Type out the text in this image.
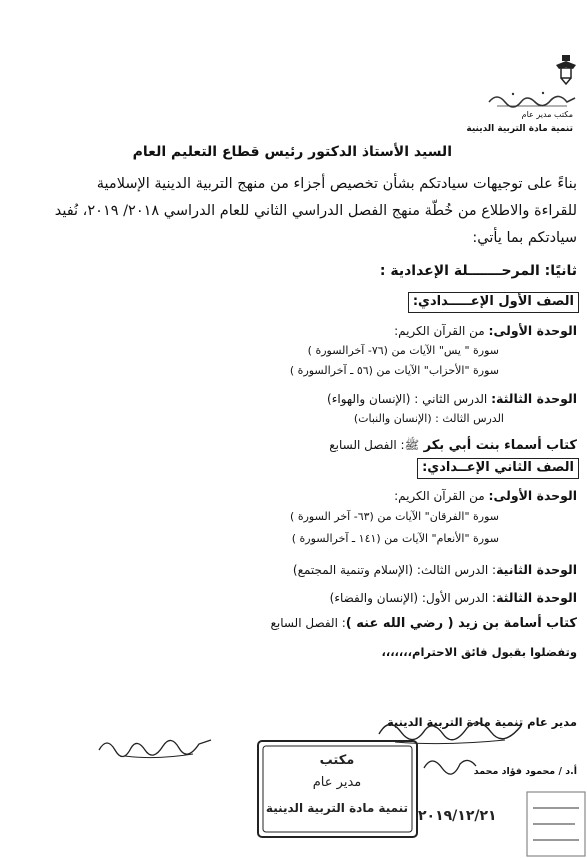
مكتب مدير عام
تنمية مادة التربية الدينية
السيد الأستاذ الدكتور رئيس قطاع التعليم العام
بناءً على توجيهات سيادتكم بشأن تخصيص أجزاء من منهج التربية الدينية الإسلامية
للقراءة والاطلاع من خُطّة منهج الفصل الدراسي الثاني للعام الدراسي ٢٠١٨/ ٢٠١٩، نُفيد
سيادتكم بما يأتي:
ثانيًا: المرحـــــــلة الإعدادية :
الصف الأول الإعـــــدادي:
الوحدة الأولى: من القرآن الكريم:
سورة " يس" الآيات من (٧٦- آخرالسورة )
سورة "الأحزاب" الآيات من (٥٦ ـ آخرالسورة )
الوحدة الثالثة: الدرس الثاني : (الإنسان والهواء)
الدرس الثالث : (الإنسان والنبات)
كتاب أسماء بنت أبي بكر ﷺ: الفصل السابع
الصف الثاني الإعــدادي:
الوحدة الأولى: من القرآن الكريم:
سورة "الفرقان" الآيات من (٦٣- آخر السورة )
سورة "الأنعام" الآيات من (١٤١ ـ آخرالسورة )
الوحدة الثانية: الدرس الثالث: (الإسلام وتنمية المجتمع)
الوحدة الثالثة: الدرس الأول: (الإنسان والفضاء)
كتاب أسامة بن زيد ( رضي الله عنه ): الفصل السابع
وتفضلوا بقبول فائق الاحترام،،،،،،،
مدير عام تنمية مادة التربية الدينية
أ.د / محمود فؤاد محمد
مكتب
مدير عام
تنمية مادة التربية الدينية ٢٠١٩/١٢/٢١
